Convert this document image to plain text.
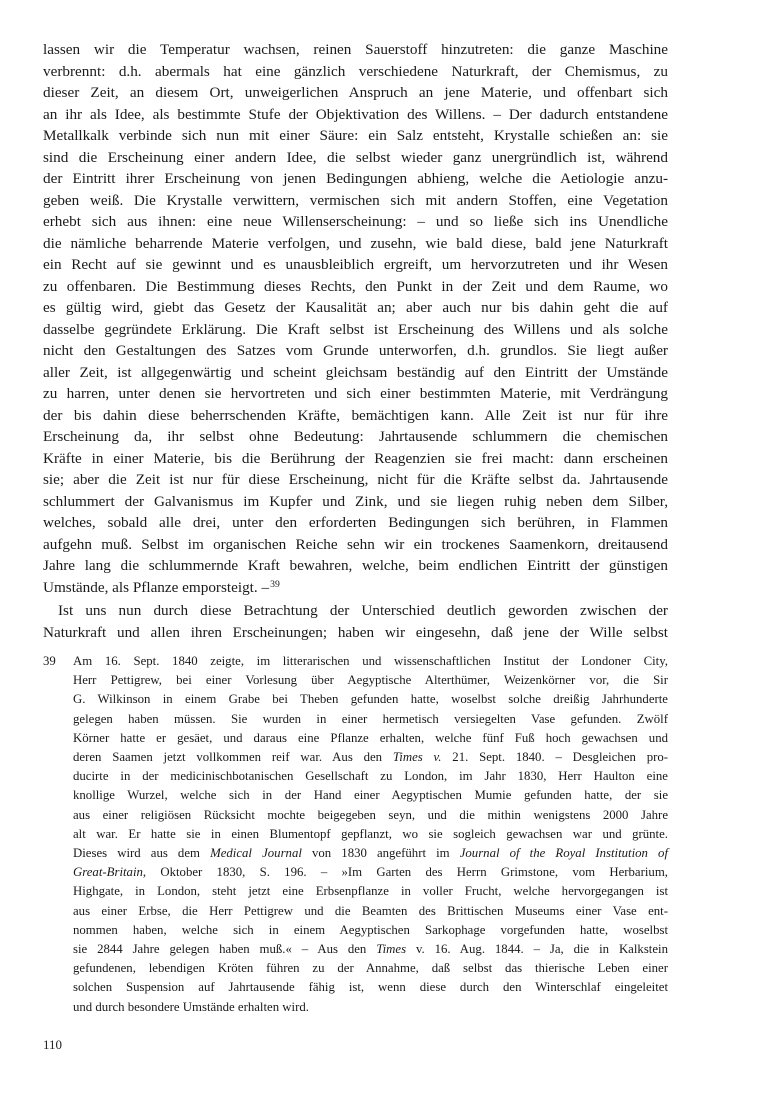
lassen wir die Temperatur wachsen, reinen Sauerstoff hinzutreten: die ganze Maschine
verbrennt: d.h. abermals hat eine gänzlich verschiedene Naturkraft, der Chemismus, zu
dieser Zeit, an diesem Ort, unweigerlichen Anspruch an jene Materie, und offenbart sich
an ihr als Idee, als bestimmte Stufe der Objektivation des Willens. – Der dadurch entstandene
Metallkalk verbinde sich nun mit einer Säure: ein Salz entsteht, Krystalle schießen an: sie
sind die Erscheinung einer andern Idee, die selbst wieder ganz unergründlich ist, während
der Eintritt ihrer Erscheinung von jenen Bedingungen abhieng, welche die Aetiologie anzu-
geben weiß. Die Krystalle verwittern, vermischen sich mit andern Stoffen, eine Vegetation
erhebt sich aus ihnen: eine neue Willenserscheinung: – und so ließe sich ins Unendliche
die nämliche beharrende Materie verfolgen, und zusehn, wie bald diese, bald jene Naturkraft
ein Recht auf sie gewinnt und es unausbleiblich ergreift, um hervorzutreten und ihr Wesen
zu offenbaren. Die Bestimmung dieses Rechts, den Punkt in der Zeit und dem Raume, wo
es gültig wird, giebt das Gesetz der Kausalität an; aber auch nur bis dahin geht die auf
dasselbe gegründete Erklärung. Die Kraft selbst ist Erscheinung des Willens und als solche
nicht den Gestaltungen des Satzes vom Grunde unterworfen, d.h. grundlos. Sie liegt außer
aller Zeit, ist allgegenwärtig und scheint gleichsam beständig auf den Eintritt der Umstände
zu harren, unter denen sie hervortreten und sich einer bestimmten Materie, mit Verdrängung
der bis dahin diese beherrschenden Kräfte, bemächtigen kann. Alle Zeit ist nur für ihre
Erscheinung da, ihr selbst ohne Bedeutung: Jahrtausende schlummern die chemischen
Kräfte in einer Materie, bis die Berührung der Reagenzien sie frei macht: dann erscheinen
sie; aber die Zeit ist nur für diese Erscheinung, nicht für die Kräfte selbst da. Jahrtausende
schlummert der Galvanismus im Kupfer und Zink, und sie liegen ruhig neben dem Silber,
welches, sobald alle drei, unter den erforderten Bedingungen sich berühren, in Flammen
aufgehn muß. Selbst im organischen Reiche sehn wir ein trockenes Saamenkorn, dreitausend
Jahre lang die schlummernde Kraft bewahren, welche, beim endlichen Eintritt der günstigen
Umstände, als Pflanze emporsteigt. –$^{39}$
Ist uns nun durch diese Betrachtung der Unterschied deutlich geworden zwischen der
Naturkraft und allen ihren Erscheinungen; haben wir eingesehn, daß jene der Wille selbst
39 Am 16. Sept. 1840 zeigte, im litterarischen und wissenschaftlichen Institut der Londoner City,
Herr Pettigrew, bei einer Vorlesung über Aegyptische Alterthümer, Weizenkörner vor, die Sir
G. Wilkinson in einem Grabe bei Theben gefunden hatte, woselbst solche dreißig Jahrhunderte
gelegen haben müssen. Sie wurden in einer hermetisch versiegelten Vase gefunden. Zwölf
Körner hatte er gesäet, und daraus eine Pflanze erhalten, welche fünf Fuß hoch gewachsen und
deren Saamen jetzt vollkommen reif war. Aus den Times v. 21. Sept. 1840. – Desgleichen pro-
ducirte in der medicinischbotanischen Gesellschaft zu London, im Jahr 1830, Herr Haulton eine
knollige Wurzel, welche sich in der Hand einer Aegyptischen Mumie gefunden hatte, der sie
aus einer religiösen Rücksicht mochte beigegeben seyn, und die mithin wenigstens 2000 Jahre
alt war. Er hatte sie in einen Blumentopf gepflanzt, wo sie sogleich gewachsen war und grünte.
Dieses wird aus dem Medical Journal von 1830 angeführt im Journal of the Royal Institution of
Great-Britain, Oktober 1830, S. 196. – »Im Garten des Herrn Grimstone, vom Herbarium,
Highgate, in London, steht jetzt eine Erbsenpflanze in voller Frucht, welche hervorgegangen ist
aus einer Erbse, die Herr Pettigrew und die Beamten des Brittischen Museums einer Vase ent-
nommen haben, welche sich in einem Aegyptischen Sarkophage vorgefunden hatte, woselbst
sie 2844 Jahre gelegen haben muß.« – Aus den Times v. 16. Aug. 1844. – Ja, die in Kalkstein
gefundenen, lebendigen Kröten führen zu der Annahme, daß selbst das thierische Leben einer
solchen Suspension auf Jahrtausende fähig ist, wenn diese durch den Winterschlaf eingeleitet
und durch besondere Umstände erhalten wird.
110
